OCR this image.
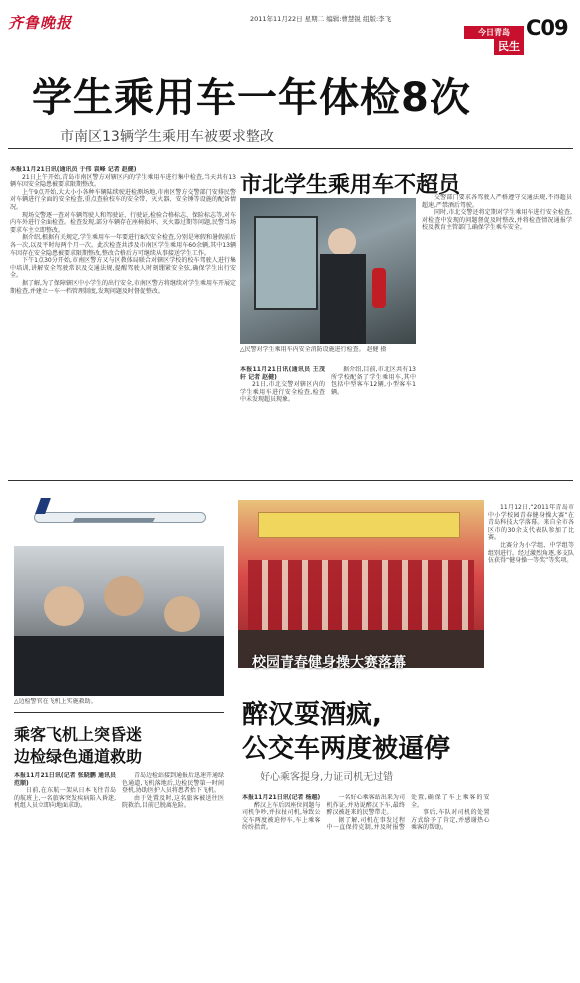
齐鲁晚报	2011年11月22日 星期二 编辑:曹慧锐 组版:李飞
今日青岛
民生
C09
学生乘用车一年体检8次
市南区13辆学生乘用车被要求整改

本报11月21日讯(通讯员 于伟 袁峰 记者 赵健)

21日上午开始,青岛市南区警方对辖区内的学生乘用车进行集中检查,当天共有13辆车因安全隐患被要求限期整改。

上午9点开始,大大小小各种车辆陆续驶进检测场地,市南区警方交警部门安排民警对车辆进行全面的安全检查,重点查验校车的安全带、灭火器、安全锤等设施的配备情况。

现场交警逐一查对车辆驾驶人和驾驶证、行驶证,检验合格标志、保险标志等,对车内车外进行全面检查。检查发现,部分车辆存在座椅损坏、灭火器过期等问题,民警当场要求车主立即整改。

据介绍,根据有关规定,学生乘用车一年要进行8次安全检查,分别是寒假和暑假前后各一次,以及平时每两个月一次。此次检查共涉及市南区学生乘用车60余辆,其中13辆车因存在安全隐患被要求限期整改,整改合格后方可继续从事接送学生工作。

下午1点30分开始,市南区警方又与区教体局联合对辖区学校的校车驾驶人进行集中培训,讲解安全驾驶常识及交通法规,提醒驾驶人时刻绷紧安全弦,确保学生出行安全。

据了解,为了保障辖区中小学生的出行安全,市南区警方将继续对学生乘用车开展定期检查,并建立一车一档管理制度,发现问题及时督促整改。

市北学生乘用车不超员
△民警对学生乘用车内安全消防设施进行检查。 赵健 摄

本报11月21日讯(通讯员 王茂轩 记者 赵健)

21日,市北交警对辖区内的学生乘用车进行安全检查,检查中未发现超员现象。

据介绍,目前,市北区共有13所学校配备了学生乘用车,其中包括中型客车12辆,小型客车1辆。

交警部门要求各驾驶人严格遵守交通法规,不得超员超速,严禁酒后驾驶。

同时,市北交警还将定期对学生乘用车进行安全检查,对检查中发现的问题督促及时整改,并将检查情况通报学校及教育主管部门,确保学生乘车安全。

△边检警官在飞机上实施救助。
乘客飞机上突昏迷
边检绿色通道救助

本报11月21日讯(记者 张晓鹏 通讯员 范顺)

日前,在东航一架从日本飞往青岛的航班上,一名旅客突发疾病陷入昏迷,机组人员立即向地面求助。

青岛边检站接到通报后迅速开通绿色通道,飞机落地后,边检民警第一时间登机,协助医护人员将患者抬下飞机。

由于处置及时,这名旅客被送往医院救治,目前已脱离危险。

校园青春健身操大赛落幕

11月12日,“2011年青岛市中小学校园青春健身操大赛”在青岛科技大学落幕。来自全市各区市的30余支代表队参加了比赛。

比赛分为小学组、中学组等组别进行。经过激烈角逐,多支队伍获得“健身操一等奖”等奖项。

醉汉耍酒疯,
公交车两度被逼停
好心乘客提身,力证司机无过错

本报11月21日讯(记者 杨越)

醉汉上车后因座位问题与司机争吵,并拉扯司机,导致公交车两度被迫停车,车上乘客纷纷指责。

一名好心乘客站出来为司机作证,并劝说醉汉下车,最终醉汉被赶来的民警带走。

据了解,司机在事发过程中一直保持克制,并及时报警处置,确保了车上乘客的安全。

事后,车队对司机的处置方式给予了肯定,并感谢热心乘客的帮助。
